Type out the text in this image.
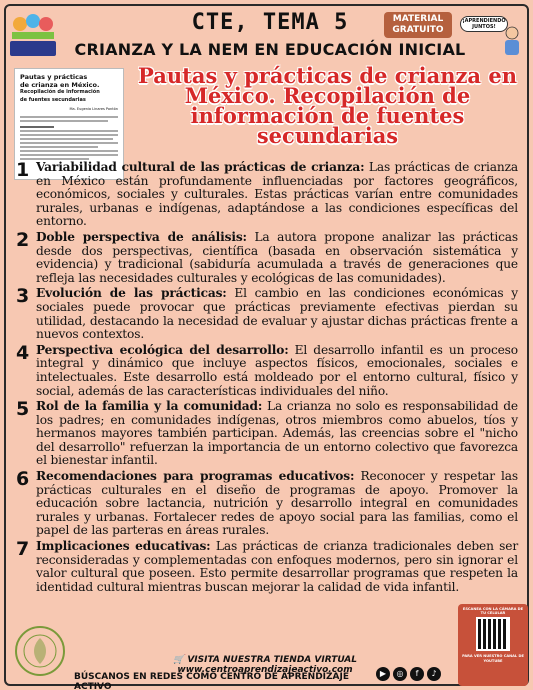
CTE, TEMA 5
CRIANZA Y LA NEM EN EDUCACIÓN INICIAL
MATERIAL
GRATUITO
¡APRENDIENDO JUNTOS!
Pautas y prácticas
de crianza en México.
Recopilación de información
de fuentes secundarias
Ma. Eugenia Linares Pontón
Pautas y prácticas de crianza en México. Recopilación de información de fuentes secundarias
1 Variabilidad cultural de las prácticas de crianza: Las prácticas de crianza en México están profundamente influenciadas por factores geográficos, económicos, sociales y culturales. Estas prácticas varían entre comunidades rurales, urbanas e indígenas, adaptándose a las condiciones específicas del entorno.

2 Doble perspectiva de análisis: La autora propone analizar las prácticas desde dos perspectivas, científica (basada en observación sistemática y evidencia) y tradicional (sabiduría acumulada a través de generaciones que refleja las necesidades culturales y ecológicas de las comunidades).

3 Evolución de las prácticas: El cambio en las condiciones económicas y sociales puede provocar que prácticas previamente efectivas pierdan su utilidad, destacando la necesidad de evaluar y ajustar dichas prácticas frente a nuevos contextos.

4 Perspectiva ecológica del desarrollo: El desarrollo infantil es un proceso integral y dinámico que incluye aspectos físicos, emocionales, sociales e intelectuales. Este desarrollo está moldeado por el entorno cultural, físico y social, además de las características individuales del niño.

5 Rol de la familia y la comunidad: La crianza no solo es responsabilidad de los padres; en comunidades indígenas, otros miembros como abuelos, tíos y hermanos mayores también participan. Además, las creencias sobre el "nicho del desarrollo" refuerzan la importancia de un entorno colectivo que favorezca el bienestar infantil.

6 Recomendaciones para programas educativos: Reconocer y respetar las prácticas culturales en el diseño de programas de apoyo. Promover la educación sobre lactancia, nutrición y desarrollo integral en comunidades rurales y urbanas. Fortalecer redes de apoyo social para las familias, como el papel de las parteras en áreas rurales.

7 Implicaciones educativas: Las prácticas de crianza tradicionales deben ser reconsideradas y complementadas con enfoques modernos, pero sin ignorar el valor cultural que poseen. Esto permite desarrollar programas que respeten la identidad cultural mientras buscan mejorar la calidad de vida infantil.

🛒 VISITA NUESTRA TIENDA VIRTUAL www.centroaprendizajeactivo.com
BÚSCANOS EN REDES COMO CENTRO DE APRENDIZAJE ACTIVO
▶	◎	f	♪
ESCANEA CON LA CÁMARA DE TU CELULAR
PARA VER NUESTRO CANAL DE YOUTUBE
